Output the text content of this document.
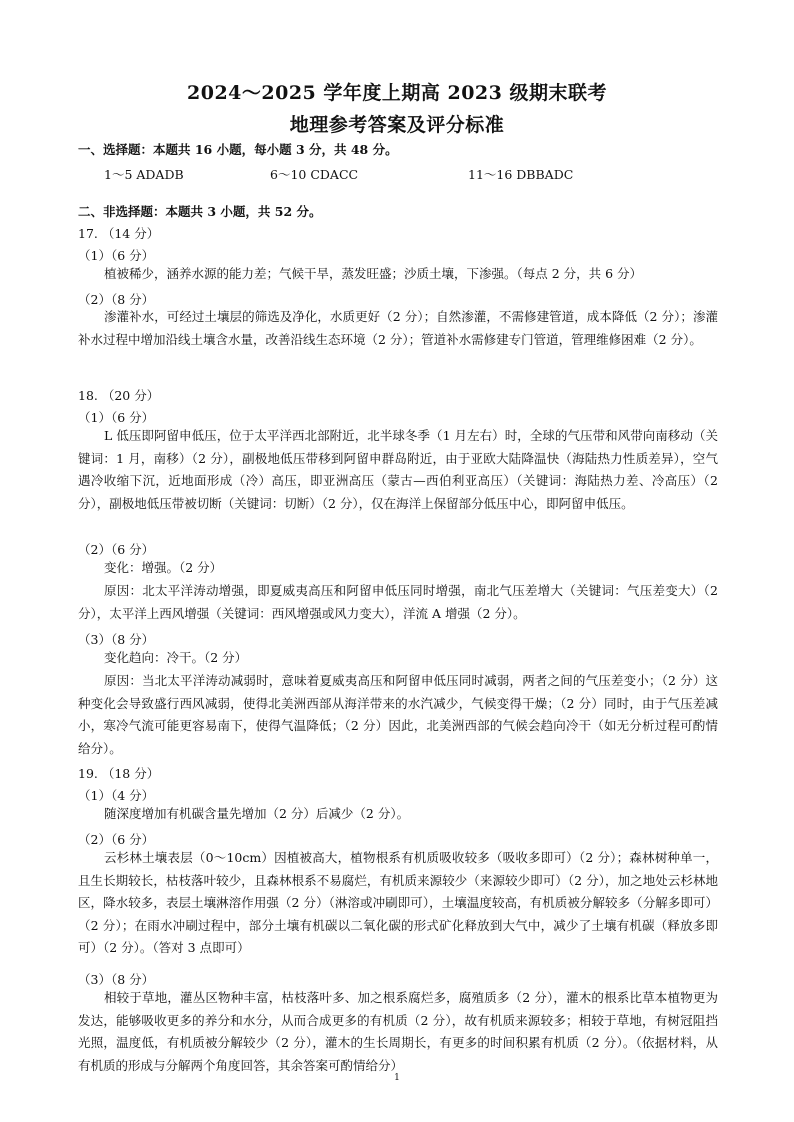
2024～2025 学年度上期高 2023 级期末联考
地理参考答案及评分标准
一、选择题：本题共 16 小题，每小题 3 分，共 48 分。
1～5 ADADB	6～10 CDACC	11～16 DBBADC
二、非选择题：本题共 3 小题，共 52 分。
17. （14 分）
（1）（6 分）

植被稀少，涵养水源的能力差；气候干旱，蒸发旺盛；沙质土壤，下渗强。（每点 2 分，共 6 分）

（2）（8 分）

渗灌补水，可经过土壤层的筛选及净化，水质更好（2 分）；自然渗灌，不需修建管道，成本降低（2 分）；渗灌补水过程中增加沿线土壤含水量，改善沿线生态环境（2 分）；管道补水需修建专门管道，管理维修困难（2 分）。

18. （20 分）
（1）（6 分）

L 低压即阿留申低压，位于太平洋西北部附近，北半球冬季（1 月左右）时，全球的气压带和风带向南移动（关键词：1 月，南移）（2 分），副极地低压带移到阿留申群岛附近，由于亚欧大陆降温快（海陆热力性质差异），空气遇冷收缩下沉，近地面形成（冷）高压，即亚洲高压（蒙古—西伯利亚高压）（关键词：海陆热力差、冷高压）（2 分），副极地低压带被切断（关键词：切断）（2 分），仅在海洋上保留部分低压中心，即阿留申低压。

（2）（6 分）

变化：增强。（2 分）

原因：北太平洋涛动增强，即夏威夷高压和阿留申低压同时增强，南北气压差增大（关键词：气压差变大）（2 分），太平洋上西风增强（关键词：西风增强或风力变大），洋流 A 增强（2 分）。

（3）（8 分）

变化趋向：冷干。（2 分）

原因：当北太平洋涛动减弱时，意味着夏威夷高压和阿留申低压同时减弱，两者之间的气压差变小；（2 分）这种变化会导致盛行西风减弱，使得北美洲西部从海洋带来的水汽减少，气候变得干燥；（2 分）同时，由于气压差减小，寒冷气流可能更容易南下，使得气温降低；（2 分）因此，北美洲西部的气候会趋向冷干（如无分析过程可酌情给分）。

19. （18 分）
（1）（4 分）

随深度增加有机碳含量先增加（2 分）后减少（2 分）。

（2）（6 分）

云杉林土壤表层（0～10cm）因植被高大，植物根系有机质吸收较多（吸收多即可）（2 分）；森林树种单一，且生长期较长，枯枝落叶较少，且森林根系不易腐烂，有机质来源较少（来源较少即可）（2 分），加之地处云杉林地区，降水较多，表层土壤淋溶作用强（2 分）（淋溶或冲刷即可），土壤温度较高，有机质被分解较多（分解多即可）（2 分）；在雨水冲刷过程中，部分土壤有机碳以二氧化碳的形式矿化释放到大气中，减少了土壤有机碳（释放多即可）（2 分）。（答对 3 点即可）

（3）（8 分）

相较于草地，灌丛区物种丰富，枯枝落叶多、加之根系腐烂多，腐殖质多（2 分），灌木的根系比草本植物更为发达，能够吸收更多的养分和水分，从而合成更多的有机质（2 分），故有机质来源较多；相较于草地，有树冠阻挡光照，温度低，有机质被分解较少（2 分），灌木的生长周期长，有更多的时间积累有机质（2 分）。（依据材料，从有机质的形成与分解两个角度回答，其余答案可酌情给分）

1
